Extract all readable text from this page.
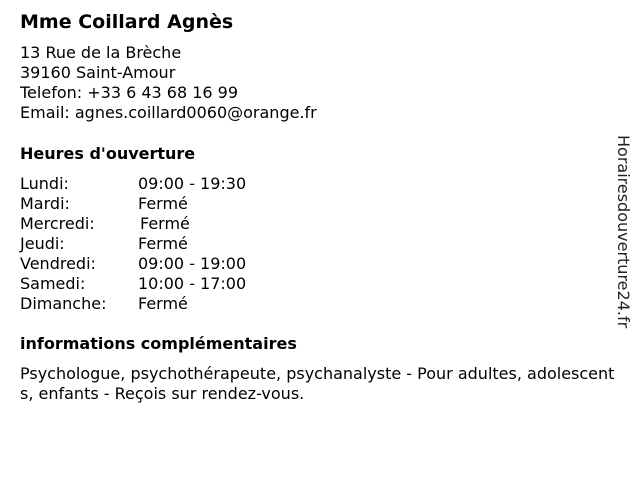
Mme Coillard Agnès
13 Rue de la Brèche
39160 Saint-Amour
Telefon: +33 6 43 68 16 99
Email: agnes.coillard0060@orange.fr
Heures d'ouverture
Lundi:	09:00 - 19:30
Mardi:	Fermé
Mercredi:	Fermé
Jeudi:	Fermé
Vendredi:	09:00 - 19:00
Samedi:	10:00 - 17:00
Dimanche: Fermé
informations complémentaires
Psychologue, psychothérapeute, psychanalyste - Pour adultes, adolescents, enfants - Reçois sur rendez-vous.
Horairesdouverture24.fr
